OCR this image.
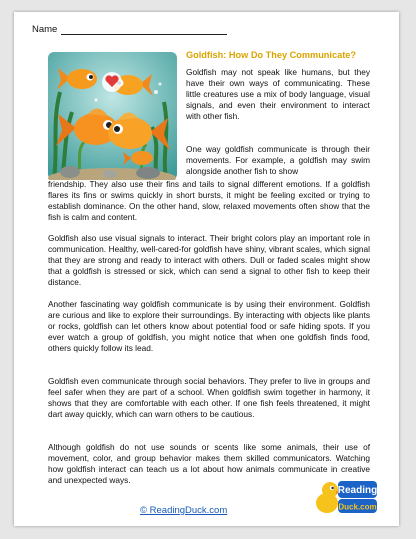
Name
Goldfish: How Do They Communicate?

Goldfish may not speak like humans, but they have their own ways of communicating. These little creatures use a mix of body language, visual signals, and even their environment to interact with other fish.

One way goldfish communicate is through their movements. For example, a goldfish may swim alongside another fish to show

friendship. They also use their fins and tails to signal different emotions. If a goldfish flares its fins or swims quickly in short bursts, it might be feeling excited or trying to establish dominance. On the other hand, slow, relaxed movements often show that the fish is calm and content.

Goldfish also use visual signals to interact. Their bright colors play an important role in communication. Healthy, well-cared-for goldfish have shiny, vibrant scales, which signal that they are strong and ready to interact with others. Dull or faded scales might show that a goldfish is stressed or sick, which can send a signal to other fish to keep their distance.

Another fascinating way goldfish communicate is by using their environment. Goldfish are curious and like to explore their surroundings. By interacting with objects like plants or rocks, goldfish can let others know about potential food or safe hiding spots. If you ever watch a group of goldfish, you might notice that when one goldfish finds food, others quickly follow its lead.

Goldfish even communicate through social behaviors. They prefer to live in groups and feel safer when they are part of a school. When goldfish swim together in harmony, it shows that they are comfortable with each other. If one fish feels threatened, it might dart away quickly, which can warn others to be cautious.

Although goldfish do not use sounds or scents like some animals, their use of movement, color, and group behavior makes them skilled communicators. Watching how goldfish interact can teach us a lot about how animals communicate in creative and unexpected ways.

© ReadingDuck.com
Reading
Duck.com
